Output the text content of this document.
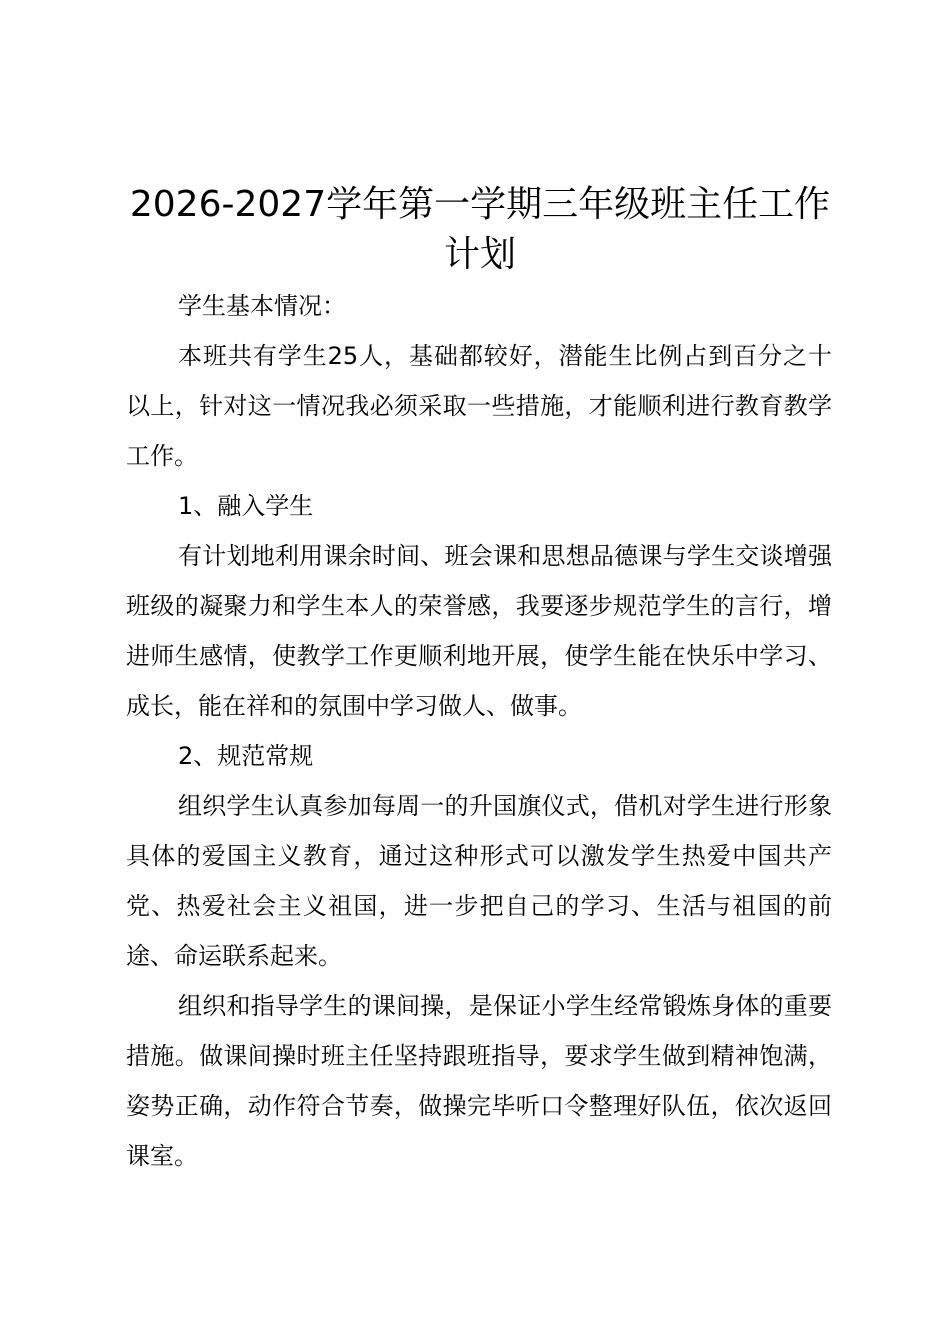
2026-2027学年第一学期三年级班主任工作计划

学生基本情况：

本班共有学生25人，基础都较好，潜能生比例占到百分之十以上，针对这一情况我必须采取一些措施，才能顺利进行教育教学工作。

1、融入学生

有计划地利用课余时间、班会课和思想品德课与学生交谈增强班级的凝聚力和学生本人的荣誉感，我要逐步规范学生的言行，增进师生感情，使教学工作更顺利地开展，使学生能在快乐中学习、成长，能在祥和的氛围中学习做人、做事。

2、规范常规

组织学生认真参加每周一的升国旗仪式，借机对学生进行形象具体的爱国主义教育，通过这种形式可以激发学生热爱中国共产党、热爱社会主义祖国，进一步把自己的学习、生活与祖国的前途、命运联系起来。

组织和指导学生的课间操，是保证小学生经常锻炼身体的重要措施。做课间操时班主任坚持跟班指导，要求学生做到精神饱满，姿势正确，动作符合节奏，做操完毕听口令整理好队伍，依次返回课室。
